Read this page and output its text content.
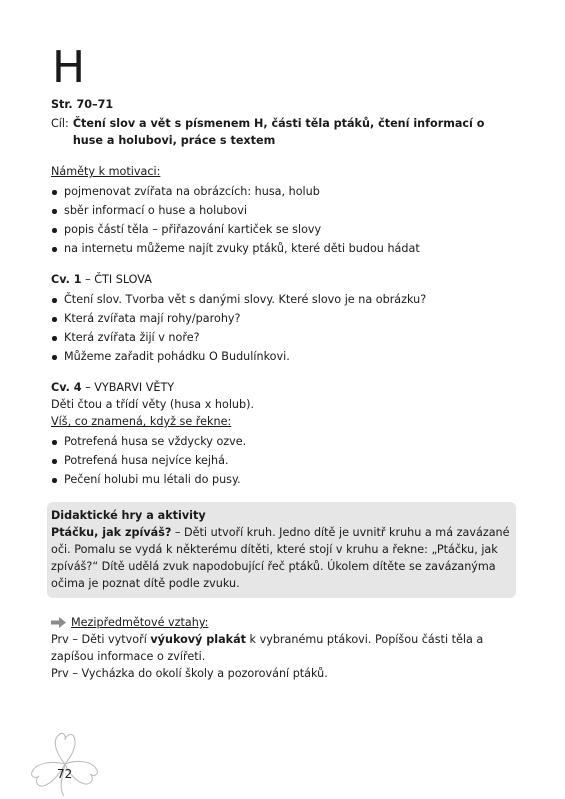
H
Str. 70–71
Cíl: Čtení slov a vět s písmenem H, části těla ptáků, čtení informací o huse a holubovi, práce s textem
Náměty k motivaci:
pojmenovat zvířata na obrázcích: husa, holub
sběr informací o huse a holubovi
popis částí těla – přiřazování kartiček se slovy
na internetu můžeme najít zvuky ptáků, které děti budou hádat
Cv. 1 – ČTI SLOVA
Čtení slov. Tvorba vět s danými slovy. Které slovo je na obrázku?
Která zvířata mají rohy/parohy?
Která zvířata žijí v noře?
Můžeme zařadit pohádku O Budulínkovi.
Cv. 4 – VYBARVI VĚTY
Děti čtou a třídí věty (husa x holub).
Víš, co znamená, když se řekne:
Potrefená husa se vždycky ozve.
Potrefená husa nejvíce kejhá.
Pečení holubi mu létali do pusy.
Didaktické hry a aktivity
Ptáčku, jak zpíváš? – Děti utvoří kruh. Jedno dítě je uvnitř kruhu a má zavázané oči. Pomalu se vydá k některému dítěti, které stojí v kruhu a řekne: „Ptáčku, jak zpíváš?“ Dítě udělá zvuk napodobující řeč ptáků. Úkolem dítěte se zavázanýma očima je poznat dítě podle zvuku.
Mezipředmětové vztahy:
Prv – Děti vytvoří výukový plakát k vybranému ptákovi. Popíšou části těla a zapíšou informace o zvířeti.
Prv – Vycházka do okolí školy a pozorování ptáků.
72
